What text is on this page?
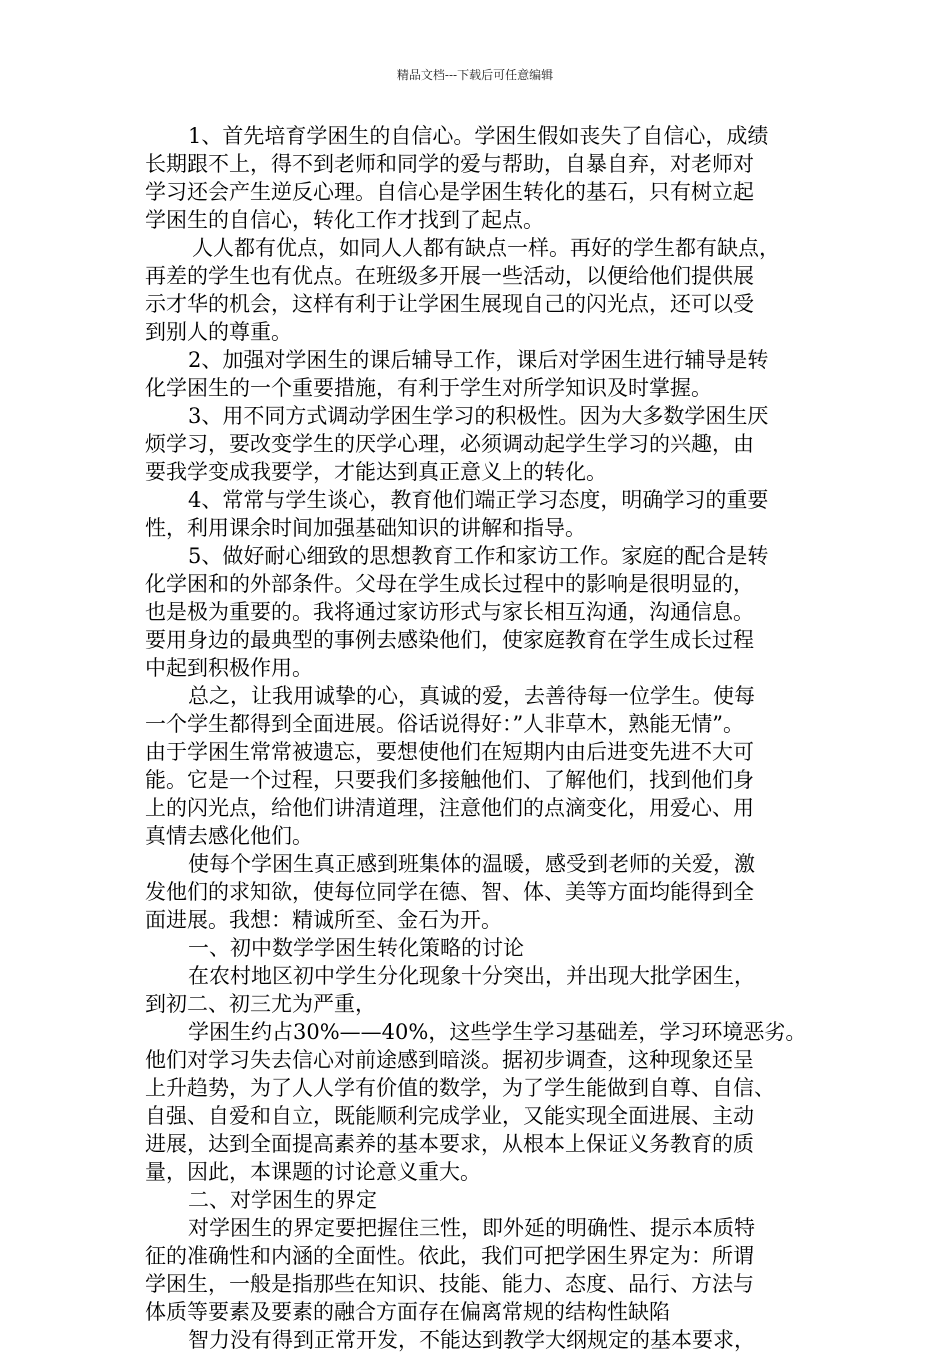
精品文档---下载后可任意编辑
1、首先培育学困生的自信心。学困生假如丧失了自信心，成绩
长期跟不上，得不到老师和同学的爱与帮助，自暴自弃，对老师对
学习还会产生逆反心理。自信心是学困生转化的基石，只有树立起
学困生的自信心，转化工作才找到了起点。
人人都有优点，如同人人都有缺点一样。再好的学生都有缺点，
再差的学生也有优点。在班级多开展一些活动，以便给他们提供展
示才华的机会，这样有利于让学困生展现自己的闪光点，还可以受
到别人的尊重。
2、加强对学困生的课后辅导工作，课后对学困生进行辅导是转
化学困生的一个重要措施，有利于学生对所学知识及时掌握。
3、用不同方式调动学困生学习的积极性。因为大多数学困生厌
烦学习，要改变学生的厌学心理，必须调动起学生学习的兴趣，由
要我学变成我要学，才能达到真正意义上的转化。
4、常常与学生谈心，教育他们端正学习态度，明确学习的重要
性，利用课余时间加强基础知识的讲解和指导。
5、做好耐心细致的思想教育工作和家访工作。家庭的配合是转
化学困和的外部条件。父母在学生成长过程中的影响是很明显的，
也是极为重要的。我将通过家访形式与家长相互沟通，沟通信息。
要用身边的最典型的事例去感染他们，使家庭教育在学生成长过程
中起到积极作用。
总之，让我用诚挚的心，真诚的爱，去善待每一位学生。使每
一个学生都得到全面进展。俗话说得好：”人非草木，熟能无情”。
由于学困生常常被遗忘，要想使他们在短期内由后进变先进不大可
能。它是一个过程，只要我们多接触他们、了解他们，找到他们身
上的闪光点，给他们讲清道理，注意他们的点滴变化，用爱心、用
真情去感化他们。
使每个学困生真正感到班集体的温暖，感受到老师的关爱，激
发他们的求知欲，使每位同学在德、智、体、美等方面均能得到全
面进展。我想：精诚所至、金石为开。
一、初中数学学困生转化策略的讨论
在农村地区初中学生分化现象十分突出，并出现大批学困生，
到初二、初三尤为严重，
学困生约占30%——40%，这些学生学习基础差，学习环境恶劣。
他们对学习失去信心对前途感到暗淡。据初步调查，这种现象还呈
上升趋势，为了人人学有价值的数学，为了学生能做到自尊、自信、
自强、自爱和自立，既能顺利完成学业，又能实现全面进展、主动
进展，达到全面提高素养的基本要求，从根本上保证义务教育的质
量，因此，本课题的讨论意义重大。
二、对学困生的界定
对学困生的界定要把握住三性，即外延的明确性、提示本质特
征的准确性和内涵的全面性。依此，我们可把学困生界定为：所谓
学困生，一般是指那些在知识、技能、能力、态度、品行、方法与
体质等要素及要素的融合方面存在偏离常规的结构性缺陷
智力没有得到正常开发，不能达到教学大纲规定的基本要求，
